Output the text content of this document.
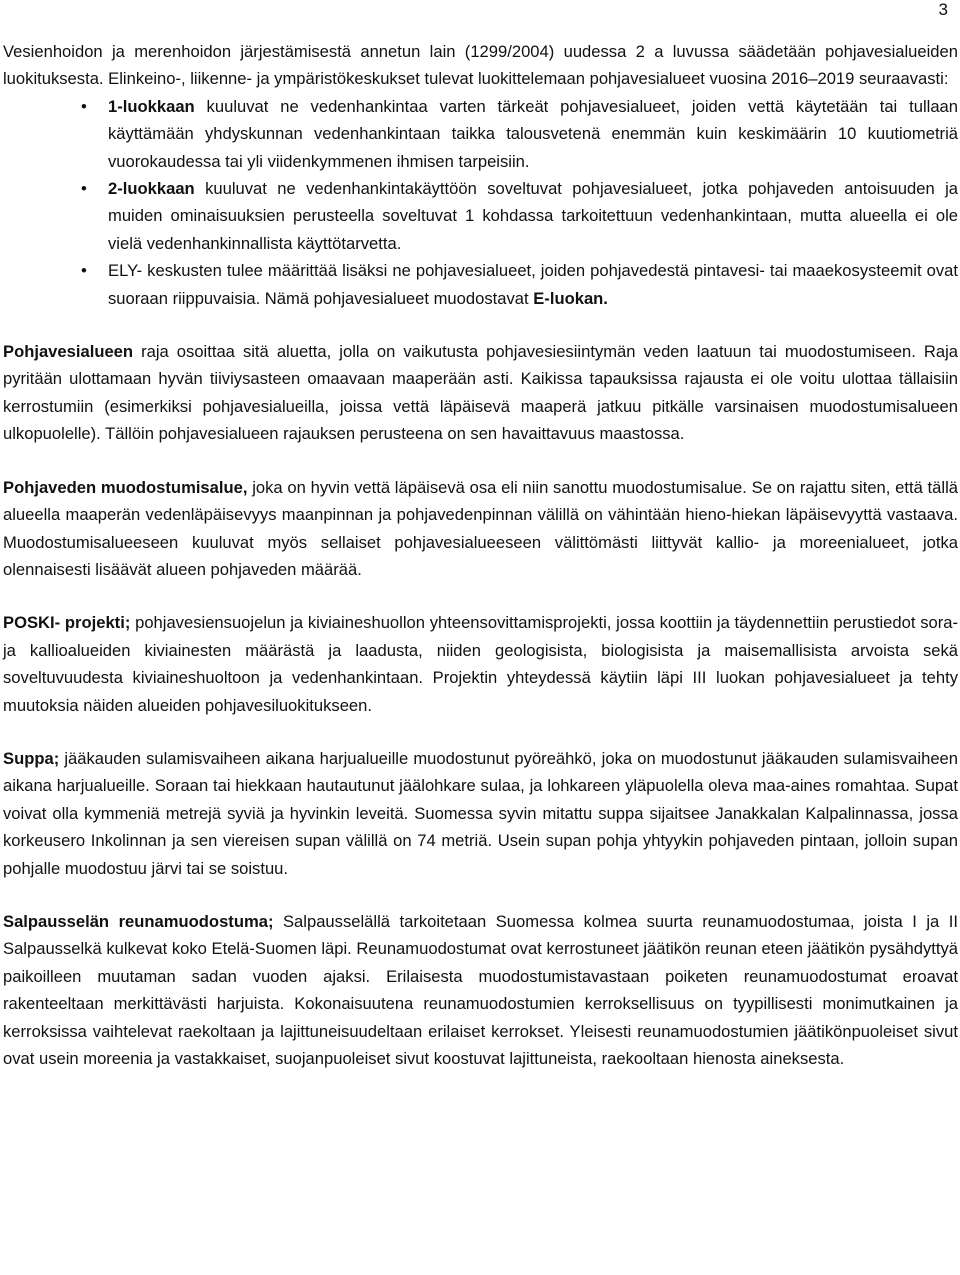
3

Vesienhoidon ja merenhoidon järjestämisestä annetun lain (1299/2004) uudessa 2 a luvussa säädetään pohjavesialueiden luokituksesta. Elinkeino-, liikenne- ja ympäristökeskukset tulevat luokittelemaan pohjavesialueet vuosina 2016–2019 seuraavasti:

• 1-luokkaan kuuluvat ne vedenhankintaa varten tärkeät pohjavesialueet, joiden vettä käytetään tai tullaan käyttämään yhdyskunnan vedenhankintaan taikka talousvetenä enemmän kuin keskimäärin 10 kuutiometriä vuorokaudessa tai yli viidenkymmenen ihmisen tarpeisiin.
• 2-luokkaan kuuluvat ne vedenhankintakäyttöön soveltuvat pohjavesialueet, jotka pohjaveden antoisuuden ja muiden ominaisuuksien perusteella soveltuvat 1 kohdassa tarkoitettuun vedenhankintaan, mutta alueella ei ole vielä vedenhankinnallista käyttötarvetta.
• ELY- keskusten tulee määrittää lisäksi ne pohjavesialueet, joiden pohjavedestä pintavesi- tai maaekosysteemit ovat suoraan riippuvaisia. Nämä pohjavesialueet muodostavat E-luokan.

Pohjavesialueen raja osoittaa sitä aluetta, jolla on vaikutusta pohjavesiesiintymän veden laatuun tai muodostumiseen. Raja pyritään ulottamaan hyvän tiiviysasteen omaavaan maaperään asti. Kaikissa tapauksissa rajausta ei ole voitu ulottaa tällaisiin kerrostumiin (esimerkiksi pohjavesialueilla, joissa vettä läpäisevä maaperä jatkuu pitkälle varsinaisen muodostumisalueen ulkopuolelle). Tällöin pohjavesialueen rajauksen perusteena on sen havaittavuus maastossa.

Pohjaveden muodostumisalue, joka on hyvin vettä läpäisevä osa eli niin sanottu muodostumisalue. Se on rajattu siten, että tällä alueella maaperän vedenläpäisevyys maanpinnan ja pohjavedenpinnan välillä on vähintään hieno-hiekan läpäisevyyttä vastaava. Muodostumisalueeseen kuuluvat myös sellaiset pohjavesialueeseen välittömästi liittyvät kallio- ja moreenialueet, jotka olennaisesti lisäävät alueen pohjaveden määrää.

POSKI- projekti; pohjavesiensuojelun ja kiviaineshuollon yhteensovittamisprojekti, jossa koottiin ja täydennettiin perustiedot sora- ja kallioalueiden kiviainesten määrästä ja laadusta, niiden geologisista, biologisista ja maisemallisista arvoista sekä soveltuvuudesta kiviaineshuoltoon ja vedenhankintaan. Projektin yhteydessä käytiin läpi III luokan pohjavesialueet ja tehty muutoksia näiden alueiden pohjavesiluokitukseen.

Suppa; jääkauden sulamisvaiheen aikana harjualueille muodostunut pyöreähkö, joka on muodostunut jääkauden sulamisvaiheen aikana harjualueille. Soraan tai hiekkaan hautautunut jäälohkare sulaa, ja lohkareen yläpuolella oleva maa-aines romahtaa. Supat voivat olla kymmeniä metrejä syviä ja hyvinkin leveitä. Suomessa syvin mitattu suppa sijaitsee Janakkalan Kalpalinnassa, jossa korkeusero Inkolinnan ja sen viereisen supan välillä on 74 metriä. Usein supan pohja yhtyykin pohjaveden pintaan, jolloin supan pohjalle muodostuu järvi tai se soistuu.

Salpausselän reunamuodostuma; Salpausselällä tarkoitetaan Suomessa kolmea suurta reunamuodostumaa, joista I ja II Salpausselkä kulkevat koko Etelä-Suomen läpi. Reunamuodostumat ovat kerrostuneet jäätikön reunan eteen jäätikön pysähdyttyä paikoilleen muutaman sadan vuoden ajaksi. Erilaisesta muodostumistavastaan poiketen reunamuodostumat eroavat rakenteeltaan merkittävästi harjuista. Kokonaisuutena reunamuodostumien kerroksellisuus on tyypillisesti monimutkainen ja kerroksissa vaihtelevat raekoltaan ja lajittuneisuudeltaan erilaiset kerrokset. Yleisesti reunamuodostumien jäätikönpuoleiset sivut ovat usein moreenia ja vastakkaiset, suojanpuoleiset sivut koostuvat lajittuneista, raekooltaan hienosta aineksesta.
